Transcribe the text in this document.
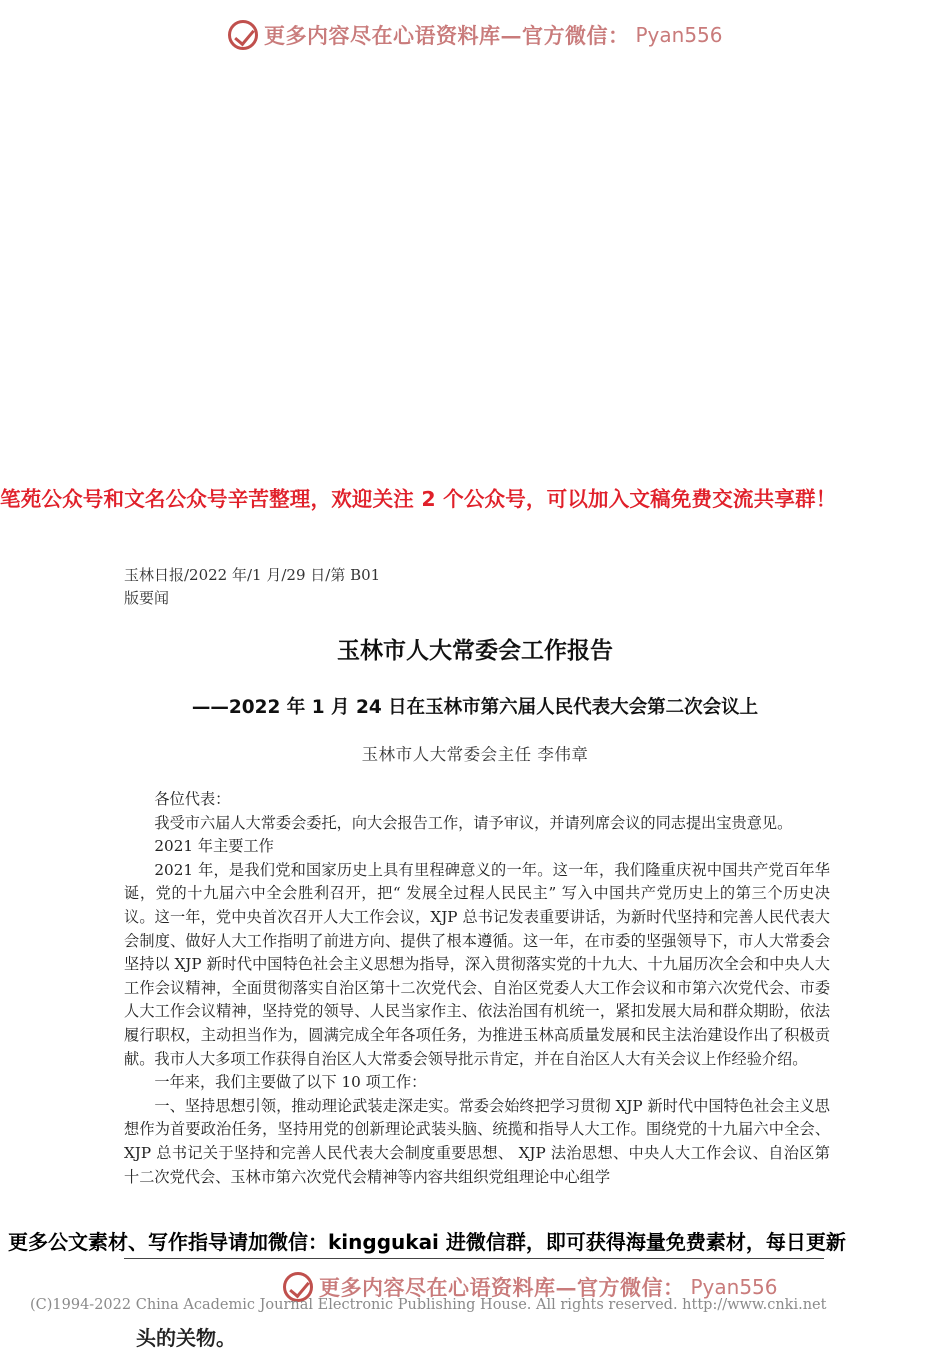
更多内容尽在心语资料库—官方微信： Pyan556
笔苑公众号和文名公众号辛苦整理，欢迎关注 2 个公众号，可以加入文稿免费交流共享群！
玉林日报/2022 年/1 月/29 日/第 B01
版要闻
玉林市人大常委会工作报告
——2022 年 1 月 24 日在玉林市第六届人民代表大会第二次会议上
玉林市人大常委会主任 李伟章

各位代表：

我受市六届人大常委会委托，向大会报告工作，请予审议，并请列席会议的同志提出宝贵意见。

2021 年主要工作

2021 年，是我们党和国家历史上具有里程碑意义的一年。这一年，我们隆重庆祝中国共产党百年华诞，党的十九届六中全会胜利召开，把“ 发展全过程人民民主” 写入中国共产党历史上的第三个历史决议。这一年，党中央首次召开人大工作会议，XJP 总书记发表重要讲话，为新时代坚持和完善人民代表大会制度、做好人大工作指明了前进方向、提供了根本遵循。这一年，在市委的坚强领导下，市人大常委会坚持以 XJP 新时代中国特色社会主义思想为指导，深入贯彻落实党的十九大、十九届历次全会和中央人大工作会议精神，全面贯彻落实自治区第十二次党代会、自治区党委人大工作会议和市第六次党代会、市委人大工作会议精神，坚持党的领导、人民当家作主、依法治国有机统一，紧扣发展大局和群众期盼，依法履行职权，主动担当作为，圆满完成全年各项任务，为推进玉林高质量发展和民主法治建设作出了积极贡献。我市人大多项工作获得自治区人大常委会领导批示肯定，并在自治区人大有关会议上作经验介绍。

一年来，我们主要做了以下 10 项工作：

一、坚持思想引领，推动理论武装走深走实。常委会始终把学习贯彻 XJP 新时代中国特色社会主义思想作为首要政治任务，坚持用党的创新理论武装头脑、统揽和指导人大工作。围绕党的十九届六中全会、 XJP 总书记关于坚持和完善人民代表大会制度重要思想、 XJP 法治思想、中央人大工作会议、自治区第十二次党代会、玉林市第六次党代会精神等内容共组织党组理论中心组学

更多公文素材、写作指导请加微信：kinggukai 进微信群，即可获得海量免费素材，每日更新
更多内容尽在心语资料库—官方微信： Pyan556
(C)1994-2022 China Academic Journal Electronic Publishing House. All rights reserved. http://www.cnki.net
头的关物。
